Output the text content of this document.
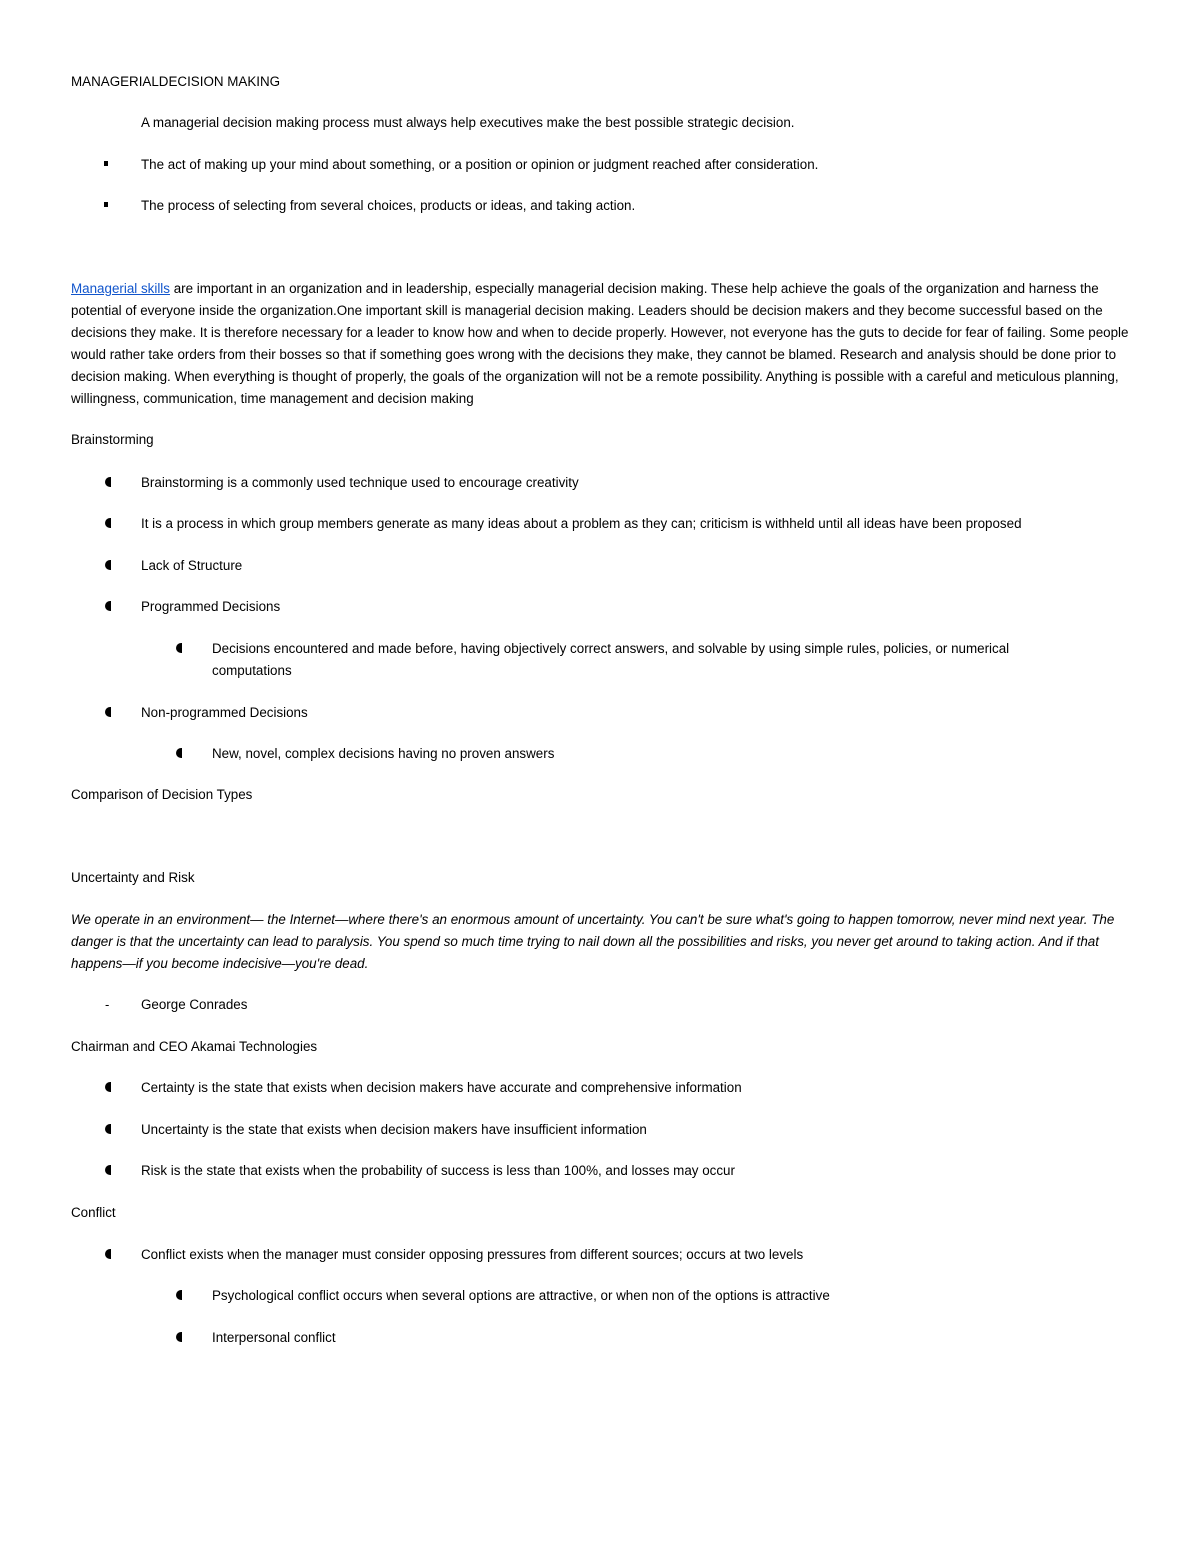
MANAGERIALDECISION MAKING
A managerial decision making process must always help executives make the best possible strategic decision.
The act of making up your mind about something, or a position or opinion or judgment reached after consideration.
The process of selecting from several choices, products or ideas, and taking action.
Managerial skills are important in an organization and in leadership, especially managerial decision making. These help achieve the goals of the organization and harness the potential of everyone inside the organization.One important skill is managerial decision making. Leaders should be decision makers and they become successful based on the decisions they make. It is therefore necessary for a leader to know how and when to decide properly. However, not everyone has the guts to decide for fear of failing. Some people would rather take orders from their bosses so that if something goes wrong with the decisions they make, they cannot be blamed. Research and analysis should be done prior to decision making. When everything is thought of properly, the goals of the organization will not be a remote possibility. Anything is possible with a careful and meticulous planning, willingness, communication, time management and decision making
Brainstorming
Brainstorming is a commonly used technique used to encourage creativity
It is a process in which group members generate as many ideas about a problem as they can; criticism is withheld until all ideas have been proposed
Lack of Structure
Programmed Decisions
Decisions encountered and made before, having objectively correct answers, and solvable by using simple rules, policies, or numerical
computations
Non-programmed Decisions
New, novel, complex decisions having no proven answers
Comparison of Decision Types
Uncertainty and Risk
We operate in an environment— the Internet—where there's an enormous amount of uncertainty. You can't be sure what's going to happen tomorrow, never mind next year. The danger is that the uncertainty can lead to paralysis. You spend so much time trying to nail down all the possibilities and risks, you never get around to taking action. And if that happens—if you become indecisive—you're dead.
- George Conrades
Chairman and CEO Akamai Technologies
Certainty is the state that exists when decision makers have accurate and comprehensive information
Uncertainty is the state that exists when decision makers have insufficient information
Risk is the state that exists when the probability of success is less than 100%, and losses may occur
Conflict
Conflict exists when the manager must consider opposing pressures from different sources; occurs at two levels
Psychological conflict occurs when several options are attractive, or when non of the options is attractive
Interpersonal conflict
